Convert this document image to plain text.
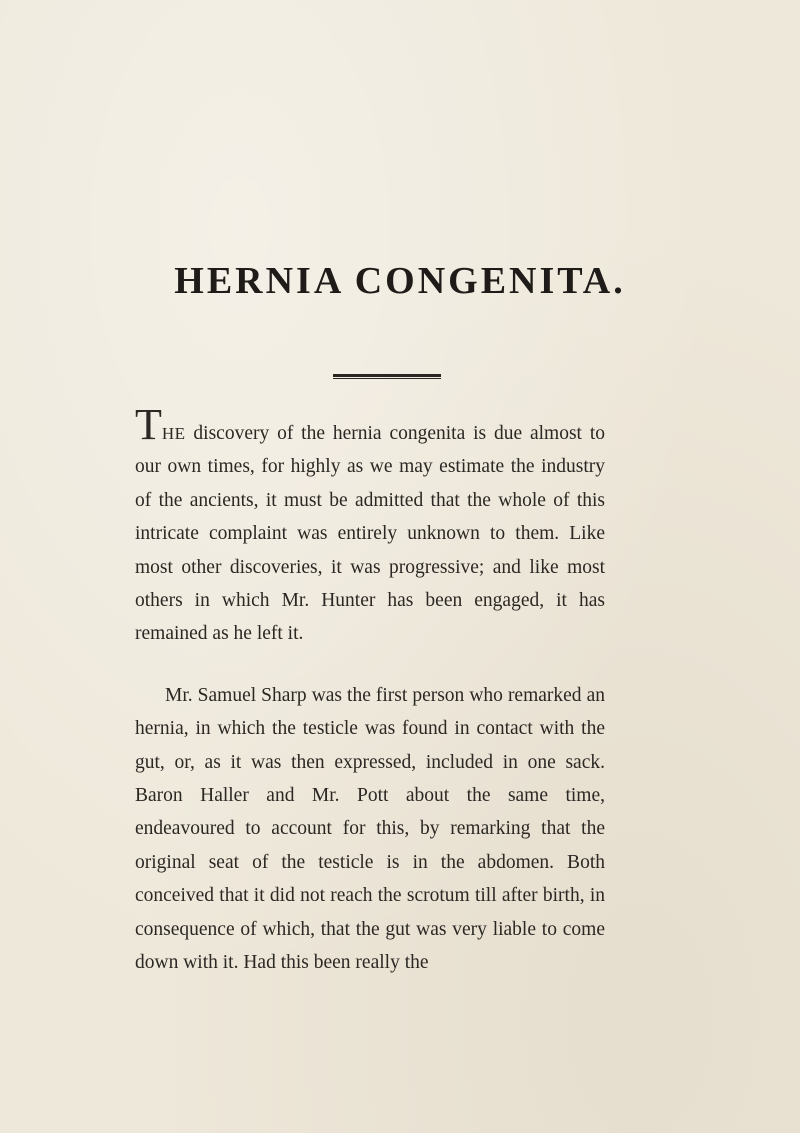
HERNIA CONGENITA.

THE discovery of the hernia congenita is due almost to our own times, for highly as we may estimate the industry of the ancients, it must be admitted that the whole of this intricate complaint was entirely unknown to them. Like most other discoveries, it was progressive; and like most others in which Mr. Hunter has been engaged, it has remained as he left it.

Mr. Samuel Sharp was the first person who remarked an hernia, in which the testicle was found in contact with the gut, or, as it was then expressed, included in one sack. Baron Haller and Mr. Pott about the same time, endeavoured to account for this, by remarking that the original seat of the testicle is in the abdomen. Both conceived that it did not reach the scrotum till after birth, in consequence of which, that the gut was very liable to come down with it. Had this been really the
